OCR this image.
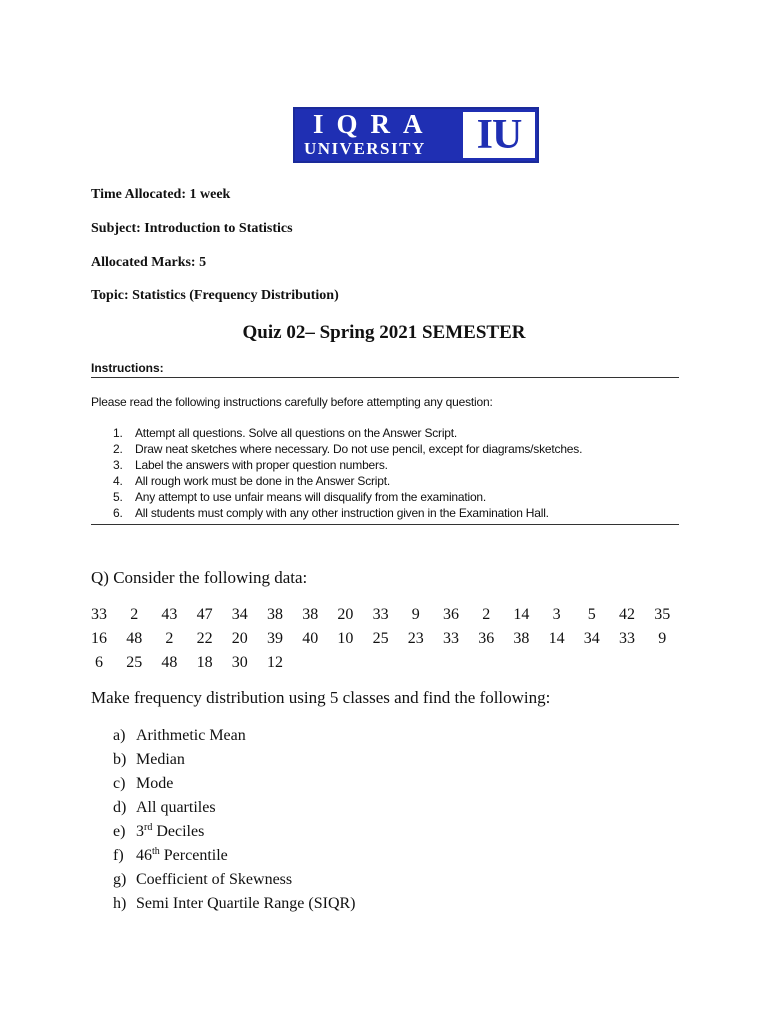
IQRA
UNIVERSITY	IU
Time Allocated: 1 week
Subject: Introduction to Statistics
Allocated Marks: 5
Topic: Statistics (Frequency Distribution)
Quiz 02– Spring 2021 SEMESTER
Instructions:
Please read the following instructions carefully before attempting any question:
1. Attempt all questions. Solve all questions on the Answer Script.
2. Draw neat sketches where necessary. Do not use pencil, except for diagrams/sketches.
3. Label the answers with proper question numbers.
4. All rough work must be done in the Answer Script.
5. Any attempt to use unfair means will disqualify from the examination.
6. All students must comply with any other instruction given in the Examination Hall.
Q) Consider the following data:
33	2	43	47	34	38	38	20	33	9	36	2	14	3	5	42	35
16	48	2	22	20	39	40	10	25	23	33	36	38	14	34	33	9
6	25	48	18	30	12
Make frequency distribution using 5 classes and find the following:
a) Arithmetic Mean
b) Median
c) Mode
d) All quartiles
e) 3rd Deciles
f) 46th Percentile
g) Coefficient of Skewness
h) Semi Inter Quartile Range (SIQR)
